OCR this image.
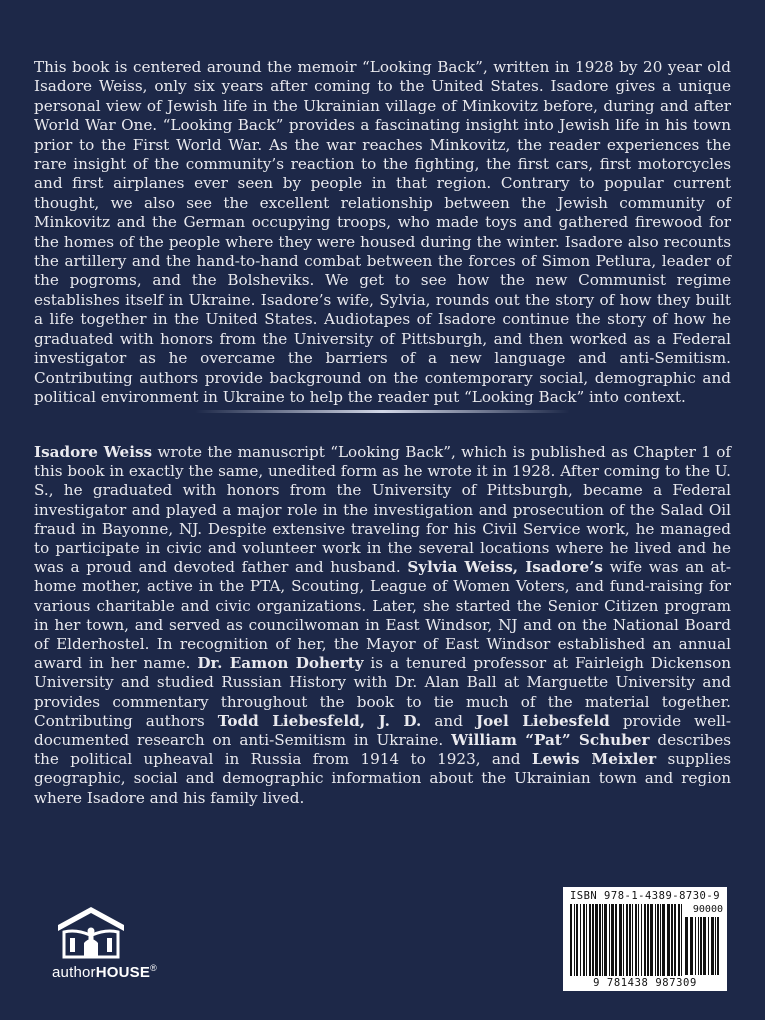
This book is centered around the memoir “Looking Back”, written in 1928 by 20 year old Isadore Weiss, only six years after coming to the United States. Isadore gives a unique personal view of Jewish life in the Ukrainian village of Minkovitz before, during and after World War One. “Looking Back” provides a fascinating insight into Jewish life in his town prior to the First World War. As the war reaches Minkovitz, the reader experiences the rare insight of the community’s reaction to the fighting, the first cars, first motorcycles and first airplanes ever seen by people in that region. Contrary to popular current thought, we also see the excellent relationship between the Jewish community of Minkovitz and the German occupying troops, who made toys and gathered firewood for the homes of the people where they were housed during the winter. Isadore also recounts the artillery and the hand-to-hand combat between the forces of Simon Petlura, leader of the pogroms, and the Bolsheviks. We get to see how the new Communist regime establishes itself in Ukraine. Isadore’s wife, Sylvia, rounds out the story of how they built a life together in the United States. Audiotapes of Isadore continue the story of how he graduated with honors from the University of Pittsburgh, and then worked as a Federal investigator as he overcame the barriers of a new language and anti-Semitism. Contributing authors provide background on the contemporary social, demographic and political environment in Ukraine to help the reader put “Looking Back” into context.

Isadore Weiss wrote the manuscript “Looking Back”, which is published as Chapter 1 of this book in exactly the same, unedited form as he wrote it in 1928. After coming to the U. S., he graduated with honors from the University of Pittsburgh, became a Federal investigator and played a major role in the investigation and prosecution of the Salad Oil fraud in Bayonne, NJ. Despite extensive traveling for his Civil Service work, he managed to participate in civic and volunteer work in the several locations where he lived and he was a proud and devoted father and husband. Sylvia Weiss, Isadore’s wife was an at-home mother, active in the PTA, Scouting, League of Women Voters, and fund-raising for various charitable and civic organizations. Later, she started the Senior Citizen program in her town, and served as councilwoman in East Windsor, NJ and on the National Board of Elderhostel. In recognition of her, the Mayor of East Windsor established an annual award in her name. Dr. Eamon Doherty is a tenured professor at Fairleigh Dickenson University and studied Russian History with Dr. Alan Ball at Marguette University and provides commentary throughout the book to tie much of the material together. Contributing authors Todd Liebesfeld, J. D. and Joel Liebesfeld provide well-documented research on anti-Semitism in Ukraine. William “Pat” Schuber describes the political upheaval in Russia from 1914 to 1923, and Lewis Meixler supplies geographic, social and demographic information about the Ukrainian town and region where Isadore and his family lived.

authorHOUSE®
ISBN 978-1-4389-8730-9
90000
9 781438 987309
